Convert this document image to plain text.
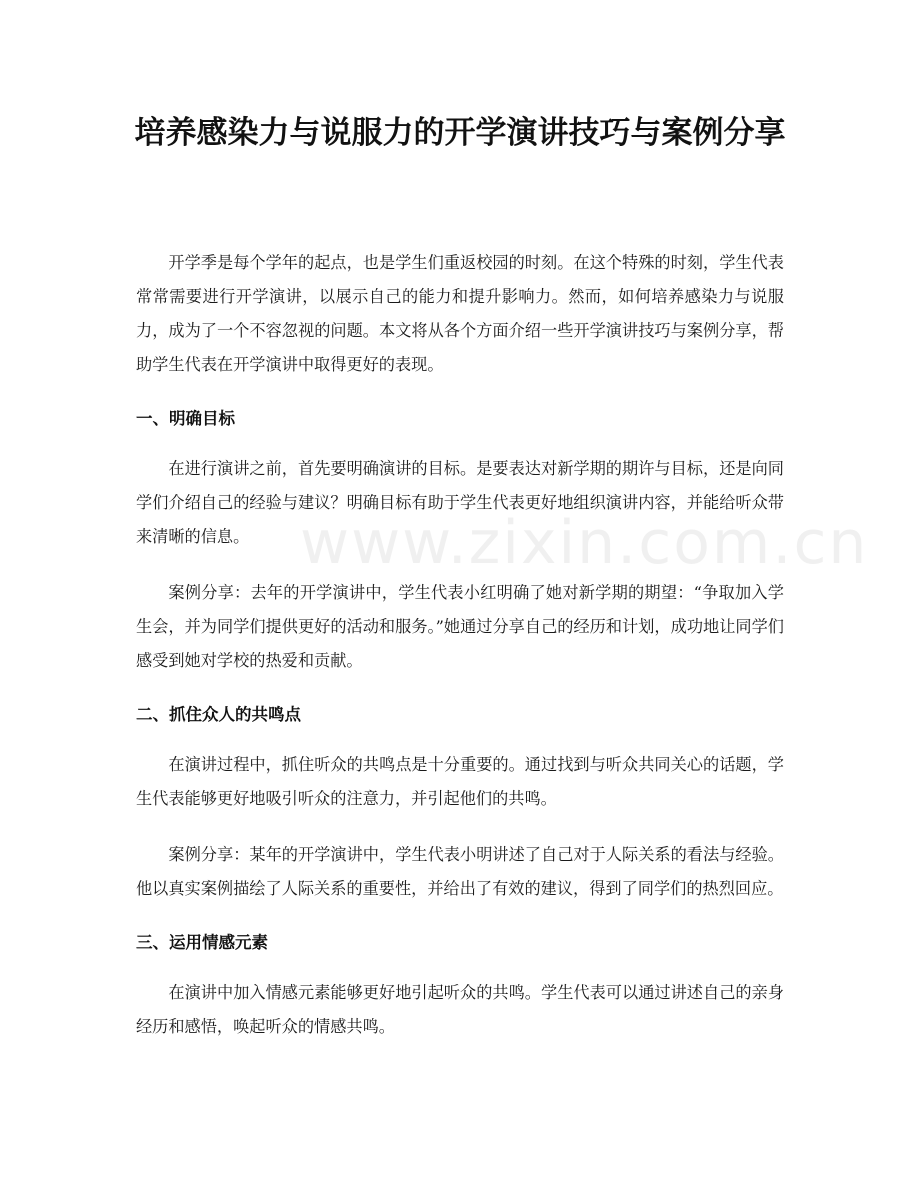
www.zixin.com.cn
培养感染力与说服力的开学演讲技巧与案例分享

开学季是每个学年的起点，也是学生们重返校园的时刻。在这个特殊的时刻，学生代表常常需要进行开学演讲，以展示自己的能力和提升影响力。然而，如何培养感染力与说服力，成为了一个不容忽视的问题。本文将从各个方面介绍一些开学演讲技巧与案例分享，帮助学生代表在开学演讲中取得更好的表现。

一、明确目标

在进行演讲之前，首先要明确演讲的目标。是要表达对新学期的期许与目标，还是向同学们介绍自己的经验与建议？明确目标有助于学生代表更好地组织演讲内容，并能给听众带来清晰的信息。

案例分享：去年的开学演讲中，学生代表小红明确了她对新学期的期望：“争取加入学生会，并为同学们提供更好的活动和服务。”她通过分享自己的经历和计划，成功地让同学们感受到她对学校的热爱和贡献。

二、抓住众人的共鸣点

在演讲过程中，抓住听众的共鸣点是十分重要的。通过找到与听众共同关心的话题，学生代表能够更好地吸引听众的注意力，并引起他们的共鸣。

案例分享：某年的开学演讲中，学生代表小明讲述了自己对于人际关系的看法与经验。他以真实案例描绘了人际关系的重要性，并给出了有效的建议，得到了同学们的热烈回应。

三、运用情感元素

在演讲中加入情感元素能够更好地引起听众的共鸣。学生代表可以通过讲述自己的亲身经历和感悟，唤起听众的情感共鸣。
